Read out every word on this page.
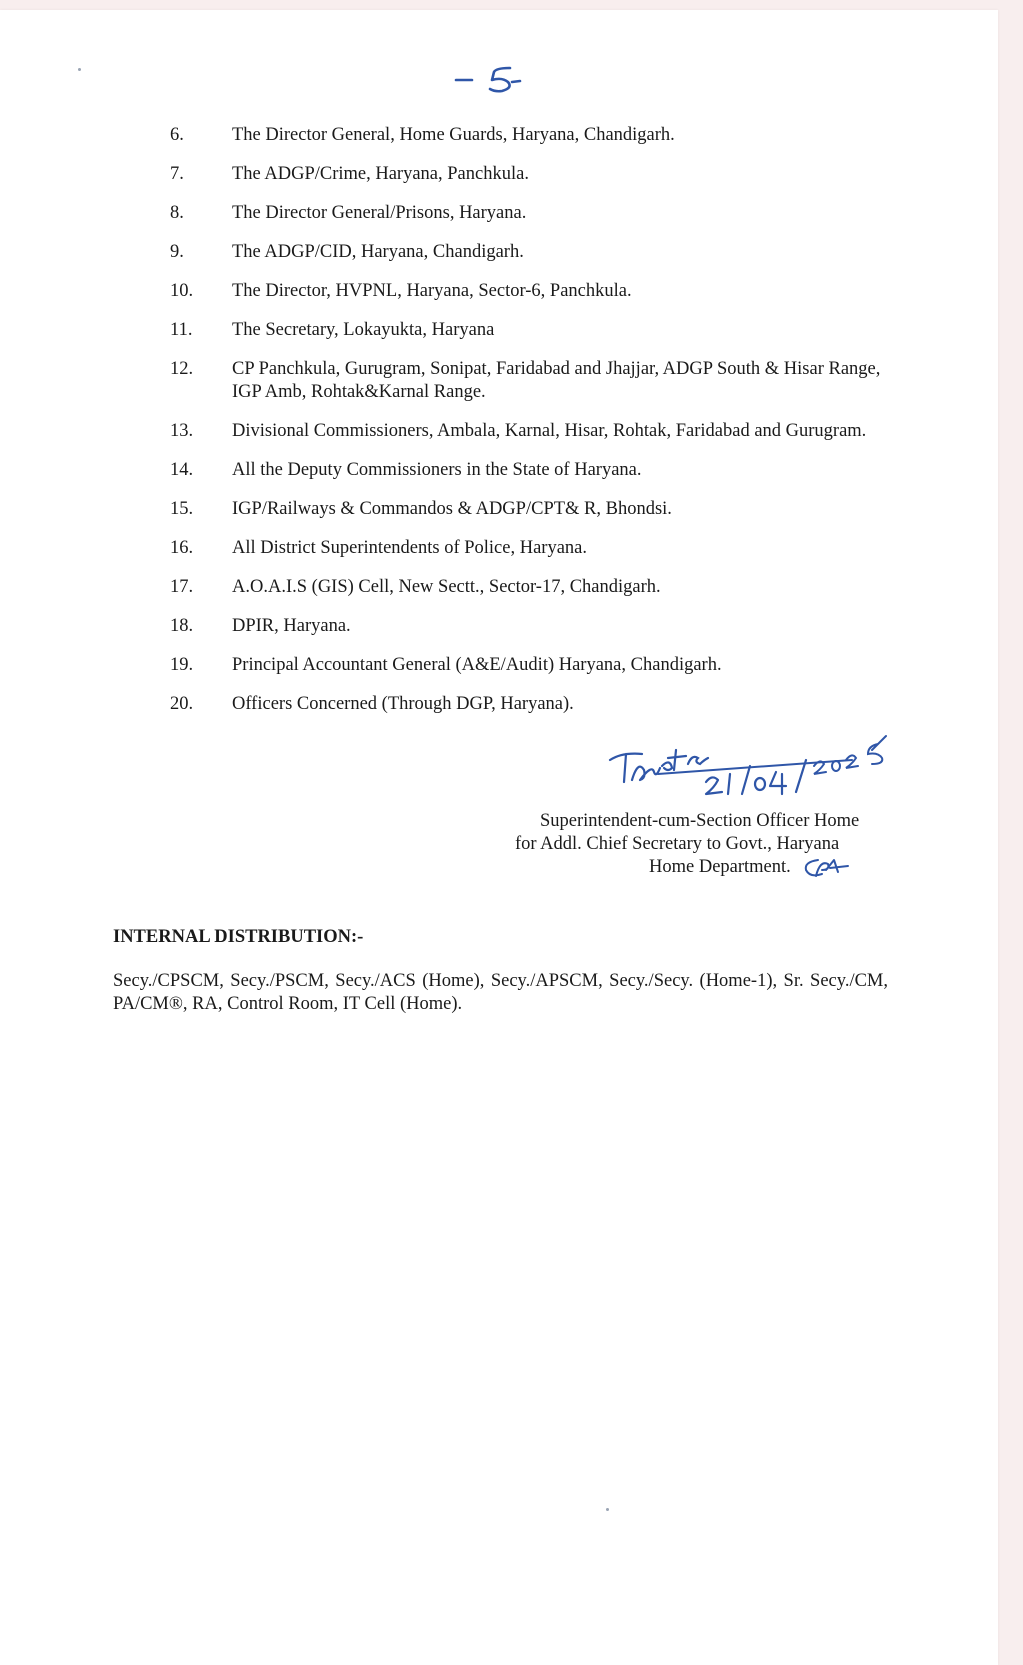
6.	The Director General, Home Guards, Haryana, Chandigarh.
7.	The ADGP/Crime, Haryana, Panchkula.
8.	The Director General/Prisons, Haryana.
9.	The ADGP/CID, Haryana, Chandigarh.
10.	The Director, HVPNL, Haryana, Sector-6, Panchkula.
11.	The Secretary, Lokayukta, Haryana
12.	CP Panchkula, Gurugram, Sonipat, Faridabad and Jhajjar, ADGP South & Hisar Range, IGP Amb, Rohtak&Karnal Range.
13.	Divisional Commissioners, Ambala, Karnal, Hisar, Rohtak, Faridabad and Gurugram.
14.	All the Deputy Commissioners in the State of Haryana.
15.	IGP/Railways & Commandos & ADGP/CPT& R, Bhondsi.
16.	All District Superintendents of Police, Haryana.
17.	A.O.A.I.S (GIS) Cell, New Sectt., Sector-17, Chandigarh.
18.	DPIR, Haryana.
19.	Principal Accountant General (A&E/Audit) Haryana, Chandigarh.
20.	Officers Concerned (Through DGP, Haryana).
Superintendent-cum-Section Officer Home
for Addl. Chief Secretary to Govt., Haryana
Home Department.
INTERNAL DISTRIBUTION:-

Secy./CPSCM, Secy./PSCM, Secy./ACS (Home), Secy./APSCM, Secy./Secy. (Home-1), Sr. Secy./CM, PA/CM®, RA, Control Room, IT Cell (Home).
